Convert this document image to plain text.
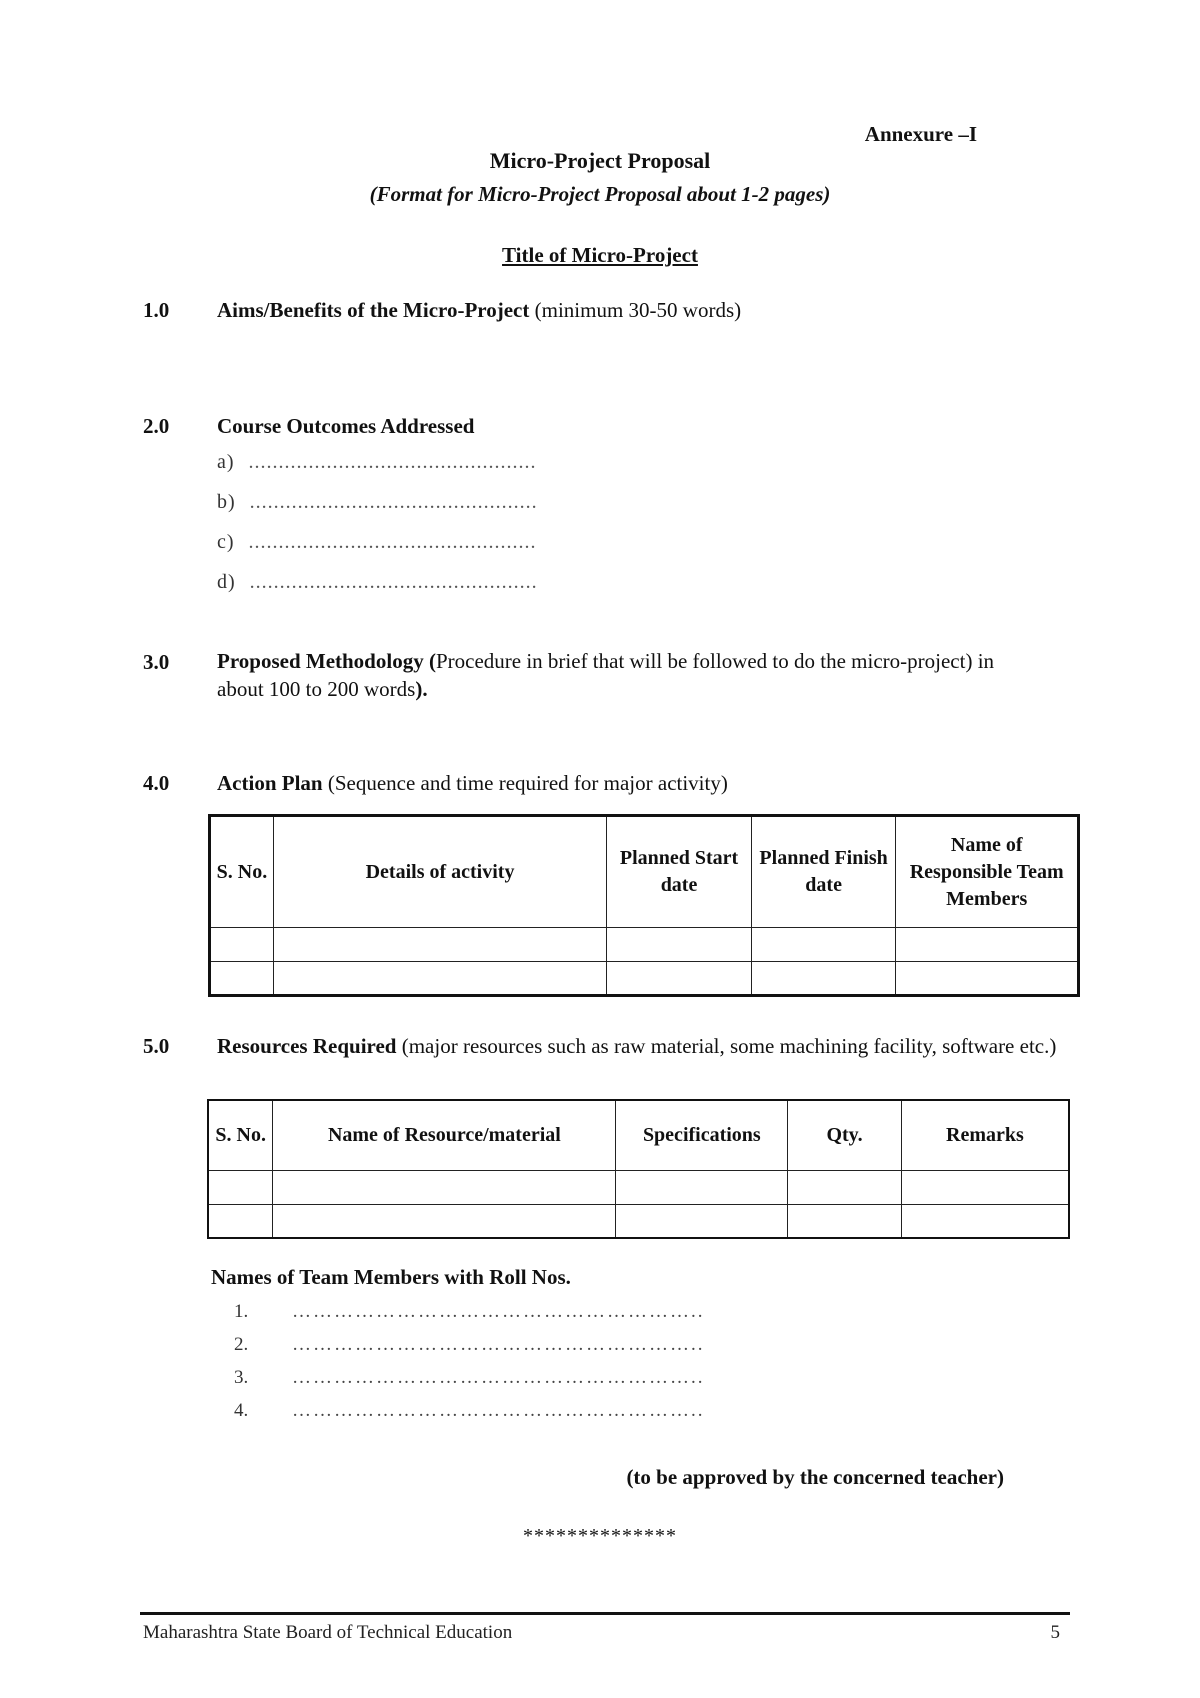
Annexure –I
Micro-Project Proposal
(Format for Micro-Project Proposal about 1-2 pages)
Title of Micro-Project
1.0 Aims/Benefits of the Micro-Project (minimum 30-50 words)
2.0 Course Outcomes Addressed
a) ................................................
b) ................................................
c) ................................................
d) ................................................
3.0 Proposed Methodology (Procedure in brief that will be followed to do the micro-project) in about 100 to 200 words).
4.0 Action Plan (Sequence and time required for major activity)
S. No.	Details of activity	Planned Start date	Planned Finish date	Name of Responsible Team Members

5.0 Resources Required (major resources such as raw material, some machining facility, software etc.)
S. No.	Name of Resource/material	Specifications	Qty.	Remarks

Names of Team Members with Roll Nos.
1. …………………………………………………..
2. …………………………………………………..
3. …………………………………………………..
4. …………………………………………………..
(to be approved by the concerned teacher)
**************
Maharashtra State Board of Technical Education	5
